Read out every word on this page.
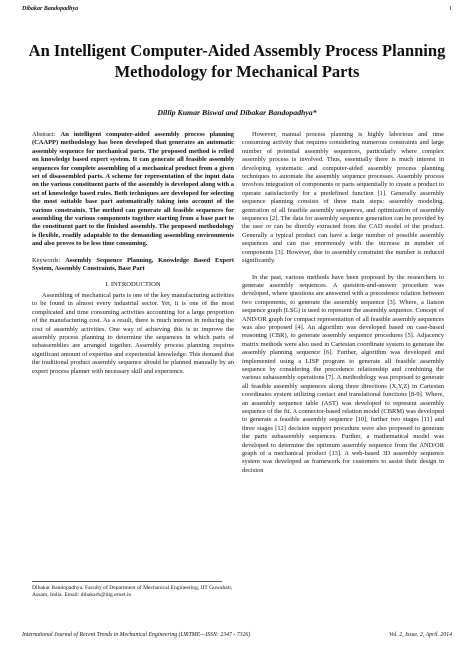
Dibakar Bandopadhya	1
An Intelligent Computer-Aided Assembly Process Planning Methodology for Mechanical Parts
Dillip Kumar Biswal and Dibakar Bandopadhya*

Abstract: An intelligent computer-aided assembly process planning (CAAPP) methodology has been developed that generates an automatic assembly sequence for mechanical parts. The proposed method is relied on knowledge based expert system. It can generate all feasible assembly sequences for complete assembling of a mechanical product from a given set of disassembled parts. A scheme for representation of the input data on the various constituent parts of the assembly is developed along with a set of knowledge based rules. Both techniques are developed for selecting the most suitable base part automatically taking into account of the various constraints. The method can generate all feasible sequences for assembling the various components together starting from a base part to the constituent part to the finished assembly. The proposed methodology is flexible, readily adaptable to the demanding assembling environments and also proves to be less time consuming.

Keywords: Assembly Sequence Planning, Knowledge Based Expert System, Assembly Constraints, Base Part

I. INTRODUCTION

Assembling of mechanical parts is one of the key manufacturing activities to be found in almost every industrial sector. Yet, it is one of the most complicated and time consuming activities accounting for a large proportion of the manufacturing cost. As a result, there is much interest in reducing the cost of assembly activities. One way of achieving this is to improve the assembly process planning to determine the sequences in which parts of subassemblies are arranged together. Assembly process planning requires significant amount of expertise and experiential knowledge. This demand that the traditional product assembly sequence should be planned manually by an expert process planner with necessary skill and experience.

However, manual process planning is highly laborious and time consuming activity that requires considering numerous constraints and large number of potential assembly sequences, particularly where complex assembly process is involved. Thus, essentially there is much interest in developing systematic and computer-aided assembly process planning techniques to automate the assembly sequence processes. Assembly process involves integration of components or parts sequentially to create a product to operate satisfactorily for a predefined function [1]. Generally assembly sequence planning consists of three main steps: assembly modeling, generation of all feasible assembly sequences, and optimization of assembly sequences [2]. The data for assembly sequence generation can be provided by the user or can be directly extracted from the CAD model of the product. Generally a typical product can have a large number of possible assembly sequences and can rise enormously with the increase in number of components [3]. However, due to assembly constraint the number is reduced significantly.

In the past, various methods have been proposed by the researchers to generate assembly sequences. A question-and-answer procedure was developed, where questions are answered with a precedence relation between two components, to generate the assembly sequence [3]. Where, a liaison sequence graph (LSG) is used to represent the assembly sequence. Concept of AND/OR graph for compact representation of all feasible assembly sequences was also proposed [4]. An algorithm was developed based on case-based reasoning (CBR), to generate assembly sequence procedures [5]. Adjacency matrix methods were also used in Cartesian coordinate system to generate the assembly planning sequence [6]. Further, algorithm was developed and implemented using a LISP program to generate all feasible assembly sequence by considering the precedence relationship and combining the various subassembly operations [7]. A methodology was proposed to generate all feasible assembly sequences along three directions (X,Y,Z) in Cartesian coordinates system utilizing contact and translational functions [8-9]. Where, an assembly sequence table (AST) was developed to represent assembly sequence of the fit. A connector-based relation model (CBRM) was developed to generate a feasible assembly sequence [10], further two stages [11] and three stages [12] decision support procedure were also proposed to generate the parts subassembly sequences. Further, a mathematical model was developed to determine the optimum assembly sequence from the AND/OR graph of a mechanical product [13]. A web-based 3D assembly sequence system was developed as framework for customers to assist their design in decision

Dibakar Bandopadhya, Faculty of Department of Mechanical Engineering, IIT Guwahati, Assam, India. Email: dibakarb@iitg.ernet.in
International Journal of Recent Trends in Mechanical Engineering (IJRTME—ISSN: 2347 - 7326)	Vol. 2, Issue. 2, April. 2014
